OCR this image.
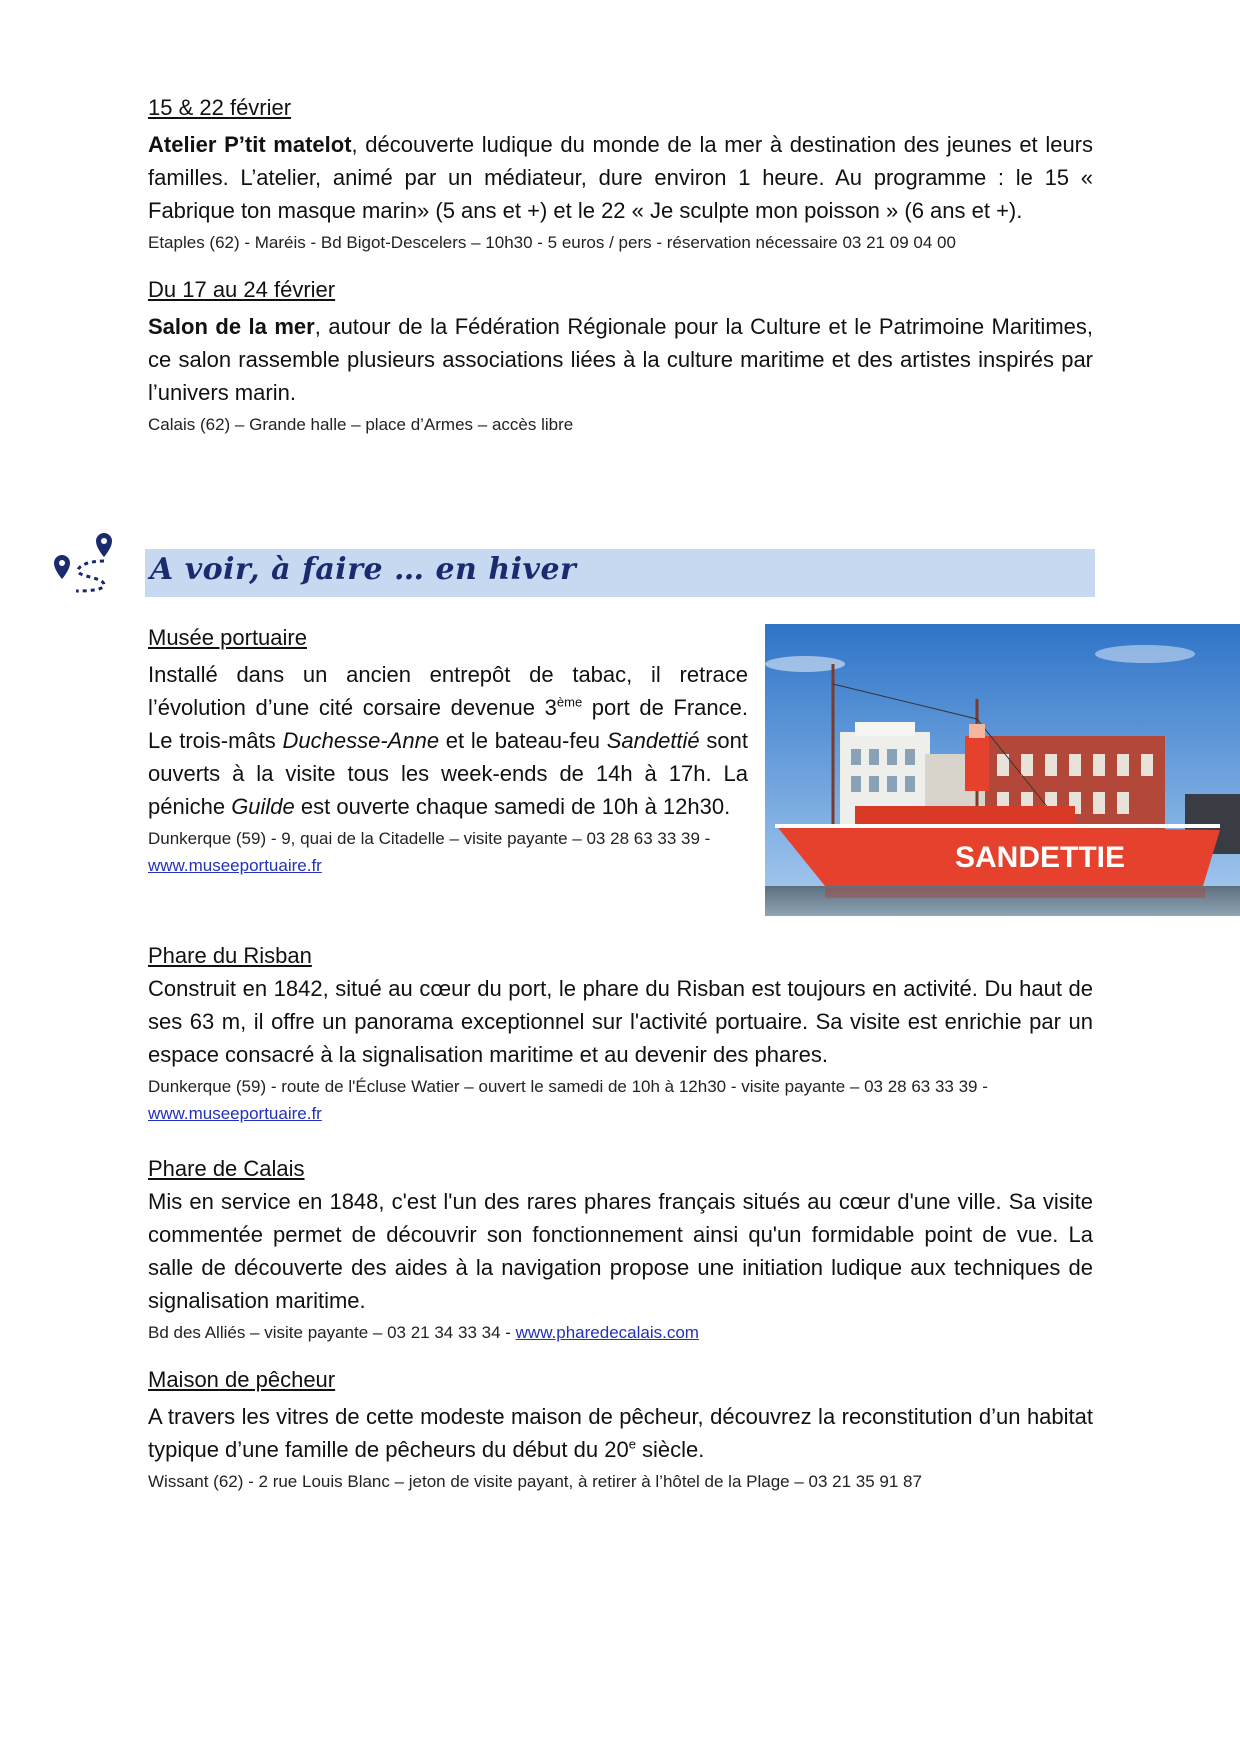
15 & 22 février

Atelier P’tit matelot, découverte ludique du monde de la mer à destination des jeunes et leurs familles. L’atelier, animé par un médiateur, dure environ 1 heure. Au programme : le 15 « Fabrique ton masque marin» (5 ans et +) et le 22 « Je sculpte mon poisson » (6 ans et +).

Etaples (62) - Maréis - Bd Bigot-Descelers – 10h30 - 5 euros / pers - réservation nécessaire 03 21 09 04 00

Du 17 au 24 février

Salon de la mer, autour de la Fédération Régionale pour la Culture et le Patrimoine Maritimes, ce salon rassemble plusieurs associations liées à la culture maritime et des artistes inspirés par l’univers marin.

Calais (62) – Grande halle – place d’Armes – accès libre

A voir, à faire … en hiver

Musée portuaire

Installé dans un ancien entrepôt de tabac, il retrace l’évolution d’une cité corsaire devenue 3ème port de France. Le trois-mâts Duchesse-Anne et le bateau-feu Sandettié sont ouverts à la visite tous les week-ends de 14h à 17h. La péniche Guilde est ouverte chaque samedi de 10h à 12h30.

Dunkerque (59) - 9, quai de la Citadelle – visite payante – 03 28 63 33 39 - www.museeportuaire.fr	SANDETTIE

Phare du Risban

Construit en 1842, situé au cœur du port, le phare du Risban est toujours en activité. Du haut de ses 63 m, il offre un panorama exceptionnel sur l'activité portuaire. Sa visite est enrichie par un espace consacré à la signalisation maritime et au devenir des phares.

Dunkerque (59) - route de l'Écluse Watier – ouvert le samedi de 10h à 12h30 - visite payante – 03 28 63 33 39 - www.museeportuaire.fr

Phare de Calais

Mis en service en 1848, c'est l'un des rares phares français situés au cœur d'une ville. Sa visite commentée permet de découvrir son fonctionnement ainsi qu'un formidable point de vue. La salle de découverte des aides à la navigation propose une initiation ludique aux techniques de signalisation maritime.

Bd des Alliés – visite payante – 03 21 34 33 34 - www.pharedecalais.com

Maison de pêcheur

A travers les vitres de cette modeste maison de pêcheur, découvrez la reconstitution d’un habitat typique d’une famille de pêcheurs du début du 20e siècle.

Wissant (62) - 2 rue Louis Blanc – jeton de visite payant, à retirer à l’hôtel de la Plage – 03 21 35 91 87
